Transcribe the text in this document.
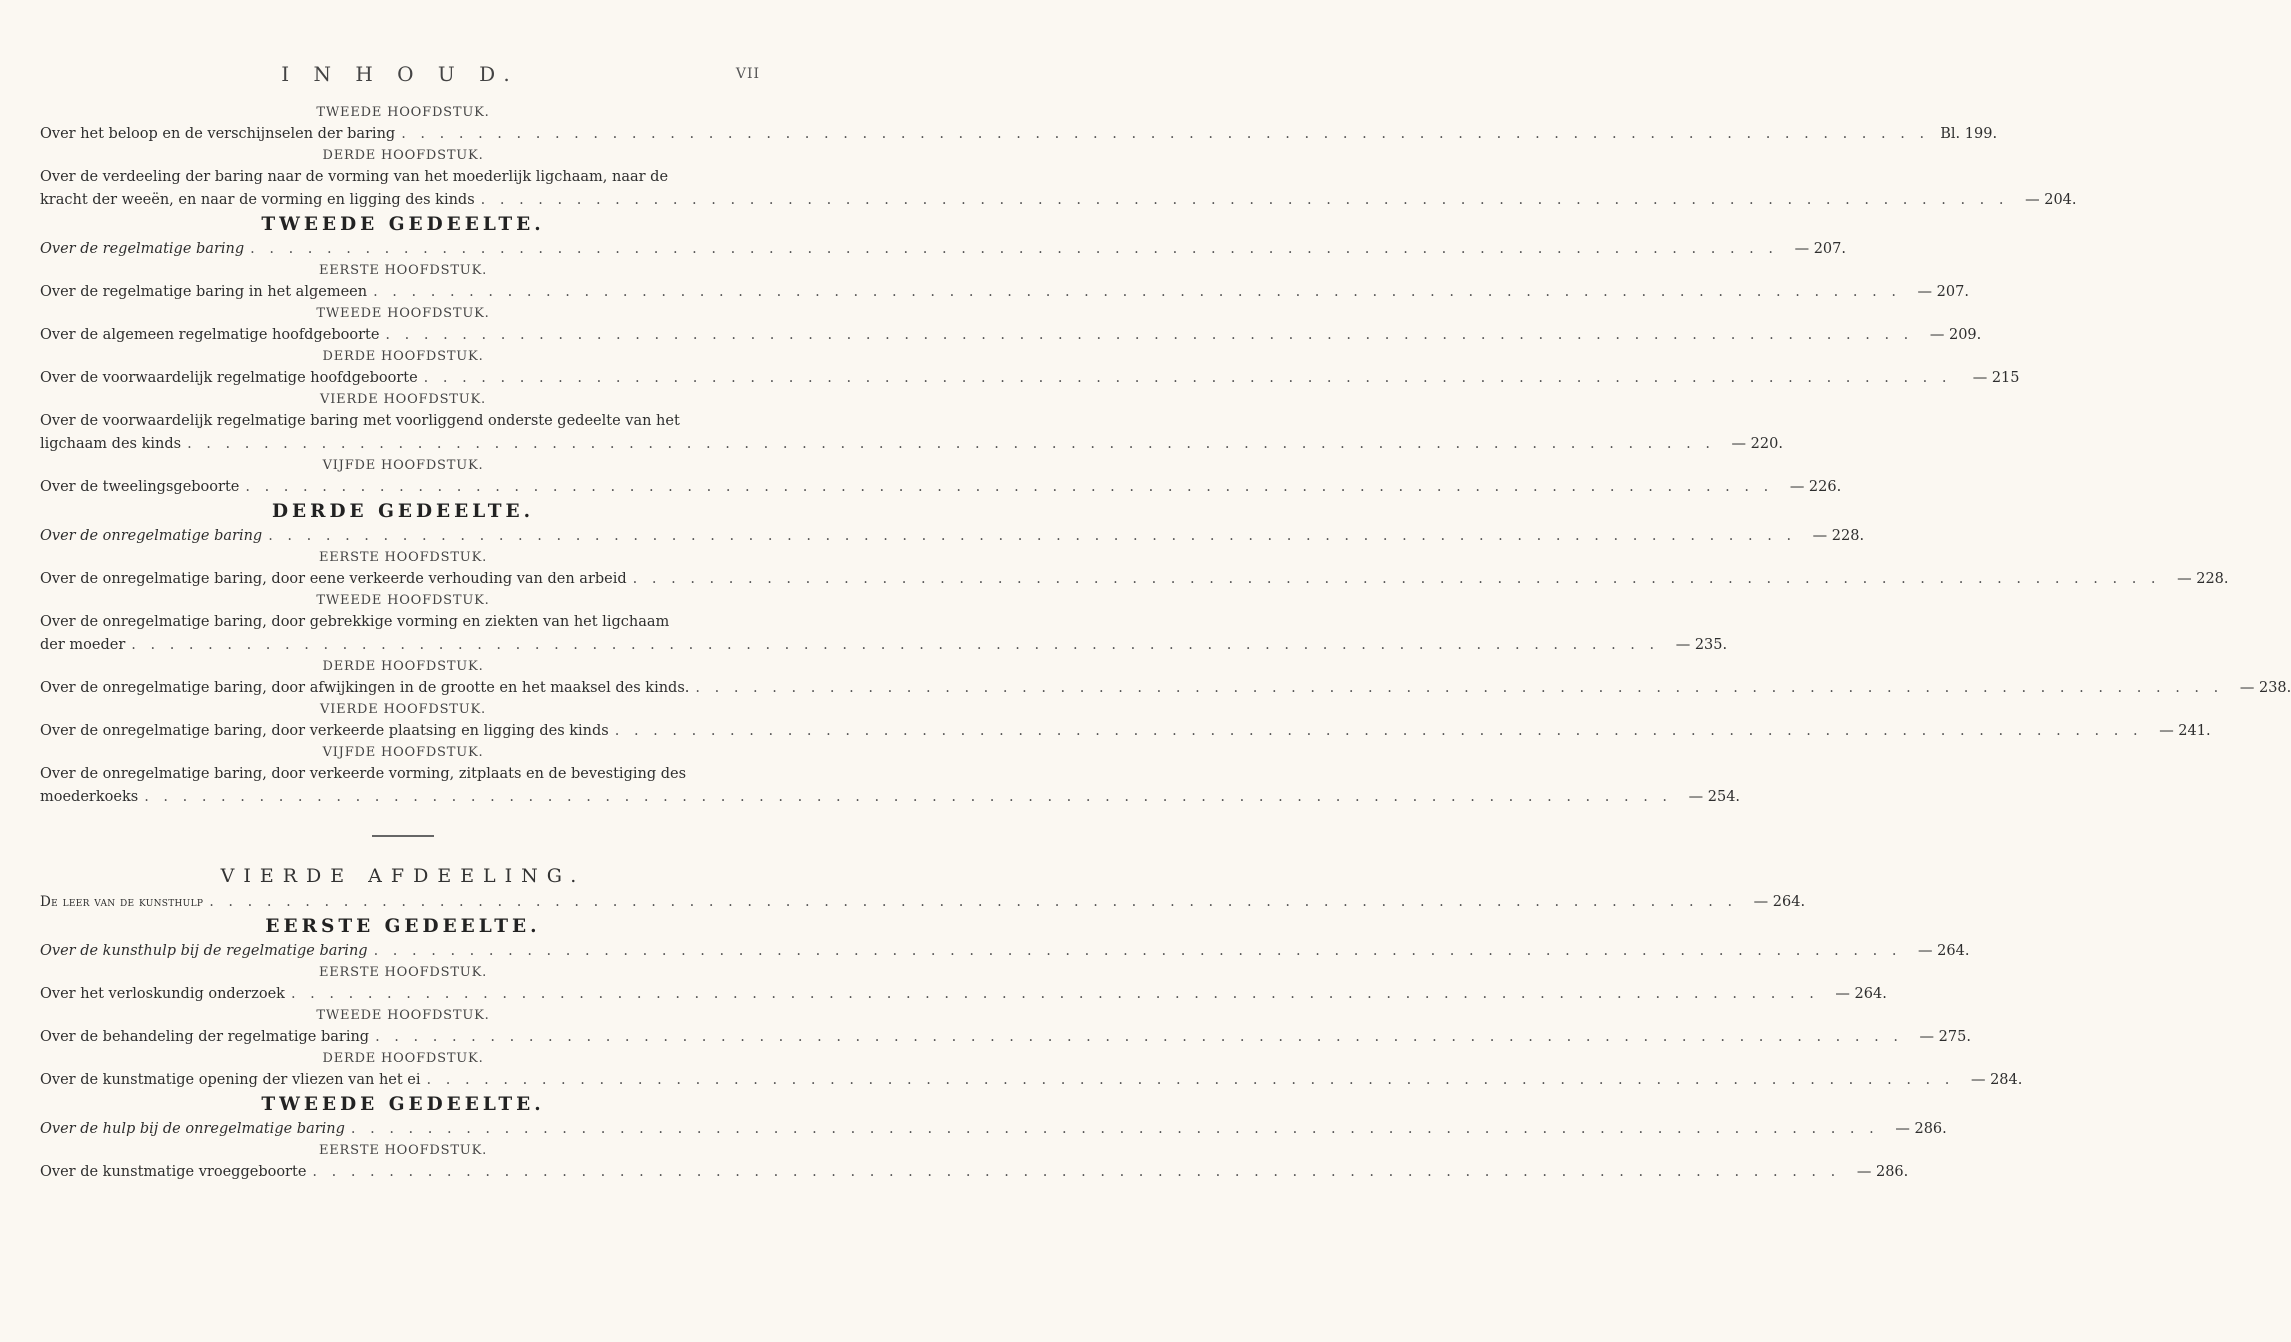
I N H O U D.	VII
TWEEDE HOOFDSTUK.
Over het beloop en de verschijnselen der baring . . . . . . . . . . . . . . . . . . . . . . . . . . . . . . . . . . . . . . . . . . . . . . . . . . . . . . . . . . . . . . . . . . . . . . . . . . . . . . . . Bl. 199.
DERDE HOOFDSTUK.
Over de verdeeling der baring naar de vorming van het moederlijk ligchaam, naar de
kracht der weeën, en naar de vorming en ligging des kinds . . . . . . . . . . . . . . . . . . . . . . . . . . . . . . . . . . . . . . . . . . . . . . . . . . . . . . . . . . . . . . . . . . . . . . . . . . . . . . . .	— 204.
TWEEDE GEDEELTE.
Over de regelmatige baring . . . . . . . . . . . . . . . . . . . . . . . . . . . . . . . . . . . . . . . . . . . . . . . . . . . . . . . . . . . . . . . . . . . . . . . . . . . . . . . .	— 207.
EERSTE HOOFDSTUK.
Over de regelmatige baring in het algemeen . . . . . . . . . . . . . . . . . . . . . . . . . . . . . . . . . . . . . . . . . . . . . . . . . . . . . . . . . . . . . . . . . . . . . . . . . . . . . . . .	— 207.
TWEEDE HOOFDSTUK.
Over de algemeen regelmatige hoofdgeboorte . . . . . . . . . . . . . . . . . . . . . . . . . . . . . . . . . . . . . . . . . . . . . . . . . . . . . . . . . . . . . . . . . . . . . . . . . . . . . . . .	— 209.
DERDE HOOFDSTUK.
Over de voorwaardelijk regelmatige hoofdgeboorte . . . . . . . . . . . . . . . . . . . . . . . . . . . . . . . . . . . . . . . . . . . . . . . . . . . . . . . . . . . . . . . . . . . . . . . . . . . . . . . .	— 215
VIERDE HOOFDSTUK.
Over de voorwaardelijk regelmatige baring met voorliggend onderste gedeelte van het
ligchaam des kinds . . . . . . . . . . . . . . . . . . . . . . . . . . . . . . . . . . . . . . . . . . . . . . . . . . . . . . . . . . . . . . . . . . . . . . . . . . . . . . . .	— 220.
VIJFDE HOOFDSTUK.
Over de tweelingsgeboorte . . . . . . . . . . . . . . . . . . . . . . . . . . . . . . . . . . . . . . . . . . . . . . . . . . . . . . . . . . . . . . . . . . . . . . . . . . . . . . . .	— 226.
DERDE GEDEELTE.
Over de onregelmatige baring . . . . . . . . . . . . . . . . . . . . . . . . . . . . . . . . . . . . . . . . . . . . . . . . . . . . . . . . . . . . . . . . . . . . . . . . . . . . . . . .	— 228.
EERSTE HOOFDSTUK.
Over de onregelmatige baring, door eene verkeerde verhouding van den arbeid . . . . . . . . . . . . . . . . . . . . . . . . . . . . . . . . . . . . . . . . . . . . . . . . . . . . . . . . . . . . . . . . . . . . . . . . . . . . . . . .	— 228.
TWEEDE HOOFDSTUK.
Over de onregelmatige baring, door gebrekkige vorming en ziekten van het ligchaam
der moeder . . . . . . . . . . . . . . . . . . . . . . . . . . . . . . . . . . . . . . . . . . . . . . . . . . . . . . . . . . . . . . . . . . . . . . . . . . . . . . . .	— 235.
DERDE HOOFDSTUK.
Over de onregelmatige baring, door afwijkingen in de grootte en het maaksel des kinds. . . . . . . . . . . . . . . . . . . . . . . . . . . . . . . . . . . . . . . . . . . . . . . . . . . . . . . . . . . . . . . . . . . . . . . . . . . . . . . . .	— 238.
VIERDE HOOFDSTUK.
Over de onregelmatige baring, door verkeerde plaatsing en ligging des kinds . . . . . . . . . . . . . . . . . . . . . . . . . . . . . . . . . . . . . . . . . . . . . . . . . . . . . . . . . . . . . . . . . . . . . . . . . . . . . . . .	— 241.
VIJFDE HOOFDSTUK.
Over de onregelmatige baring, door verkeerde vorming, zitplaats en de bevestiging des
moederkoeks . . . . . . . . . . . . . . . . . . . . . . . . . . . . . . . . . . . . . . . . . . . . . . . . . . . . . . . . . . . . . . . . . . . . . . . . . . . . . . . .	— 254.
VIERDE AFDEELING.
De leer van de kunsthulp . . . . . . . . . . . . . . . . . . . . . . . . . . . . . . . . . . . . . . . . . . . . . . . . . . . . . . . . . . . . . . . . . . . . . . . . . . . . . . . .	— 264.
EERSTE GEDEELTE.
Over de kunsthulp bij de regelmatige baring . . . . . . . . . . . . . . . . . . . . . . . . . . . . . . . . . . . . . . . . . . . . . . . . . . . . . . . . . . . . . . . . . . . . . . . . . . . . . . . .	— 264.
EERSTE HOOFDSTUK.
Over het verloskundig onderzoek . . . . . . . . . . . . . . . . . . . . . . . . . . . . . . . . . . . . . . . . . . . . . . . . . . . . . . . . . . . . . . . . . . . . . . . . . . . . . . . .	— 264.
TWEEDE HOOFDSTUK.
Over de behandeling der regelmatige baring . . . . . . . . . . . . . . . . . . . . . . . . . . . . . . . . . . . . . . . . . . . . . . . . . . . . . . . . . . . . . . . . . . . . . . . . . . . . . . . .	— 275.
DERDE HOOFDSTUK.
Over de kunstmatige opening der vliezen van het ei . . . . . . . . . . . . . . . . . . . . . . . . . . . . . . . . . . . . . . . . . . . . . . . . . . . . . . . . . . . . . . . . . . . . . . . . . . . . . . . .	— 284.
TWEEDE GEDEELTE.
Over de hulp bij de onregelmatige baring . . . . . . . . . . . . . . . . . . . . . . . . . . . . . . . . . . . . . . . . . . . . . . . . . . . . . . . . . . . . . . . . . . . . . . . . . . . . . . . .	— 286.
EERSTE HOOFDSTUK.
Over de kunstmatige vroeggeboorte . . . . . . . . . . . . . . . . . . . . . . . . . . . . . . . . . . . . . . . . . . . . . . . . . . . . . . . . . . . . . . . . . . . . . . . . . . . . . . . .	— 286.
